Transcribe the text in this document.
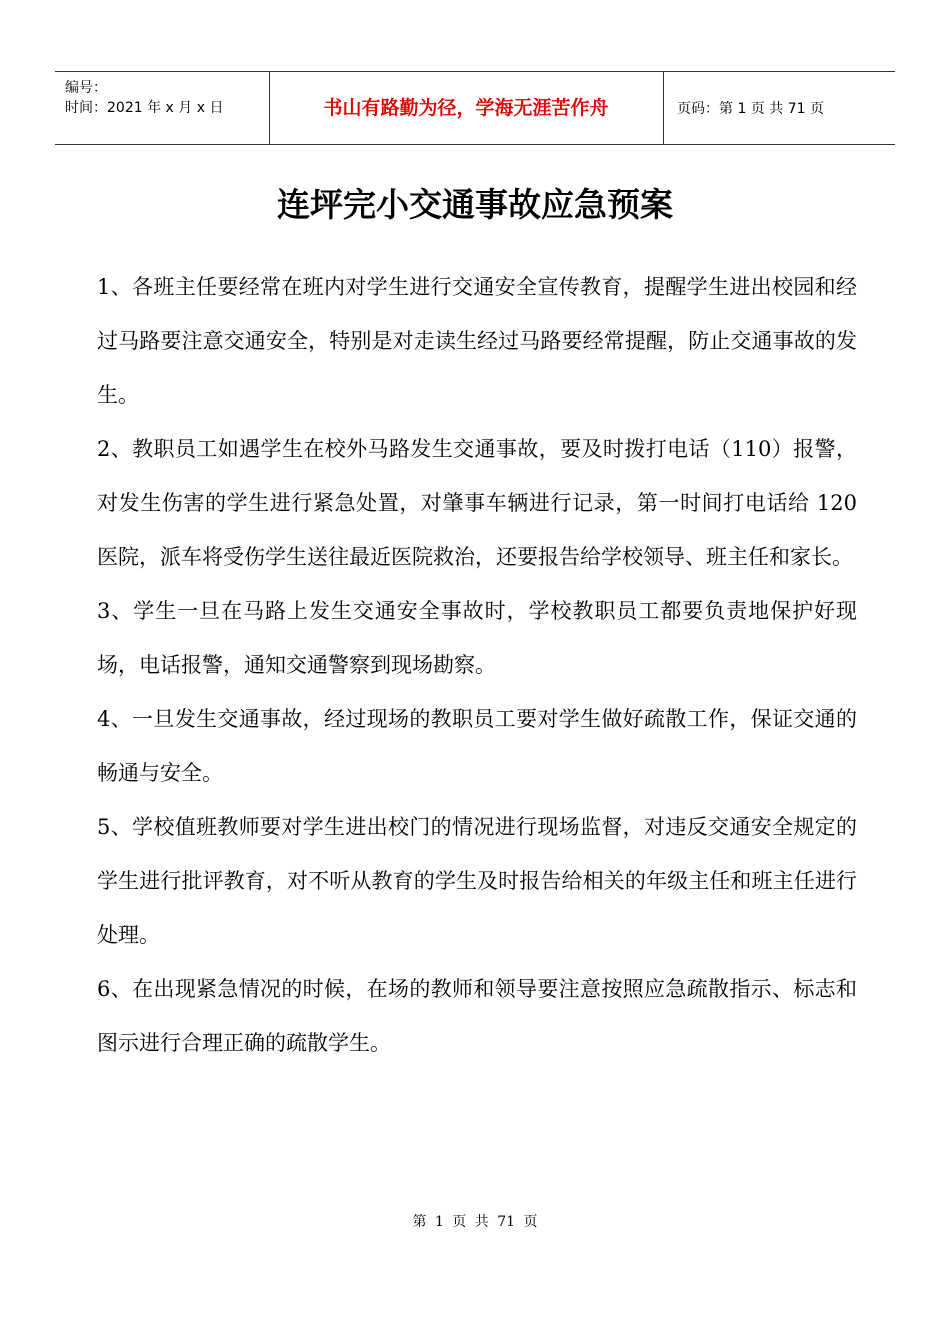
编号：
时间：2021 年 x 月 x 日	书山有路勤为径，学海无涯苦作舟	页码：第 1 页 共 71 页
连坪完小交通事故应急预案

1、各班主任要经常在班内对学生进行交通安全宣传教育，提醒学生进出校园和经过马路要注意交通安全，特别是对走读生经过马路要经常提醒，防止交通事故的发生。

2、教职员工如遇学生在校外马路发生交通事故，要及时拨打电话（110）报警，对发生伤害的学生进行紧急处置，对肇事车辆进行记录，第一时间打电话给 120 医院，派车将受伤学生送往最近医院救治，还要报告给学校领导、班主任和家长。

3、学生一旦在马路上发生交通安全事故时，学校教职员工都要负责地保护好现场，电话报警，通知交通警察到现场勘察。

4、一旦发生交通事故，经过现场的教职员工要对学生做好疏散工作，保证交通的畅通与安全。

5、学校值班教师要对学生进出校门的情况进行现场监督，对违反交通安全规定的学生进行批评教育，对不听从教育的学生及时报告给相关的年级主任和班主任进行处理。

6、在出现紧急情况的时候，在场的教师和领导要注意按照应急疏散指示、标志和图示进行合理正确的疏散学生。

第 1 页 共 71 页
